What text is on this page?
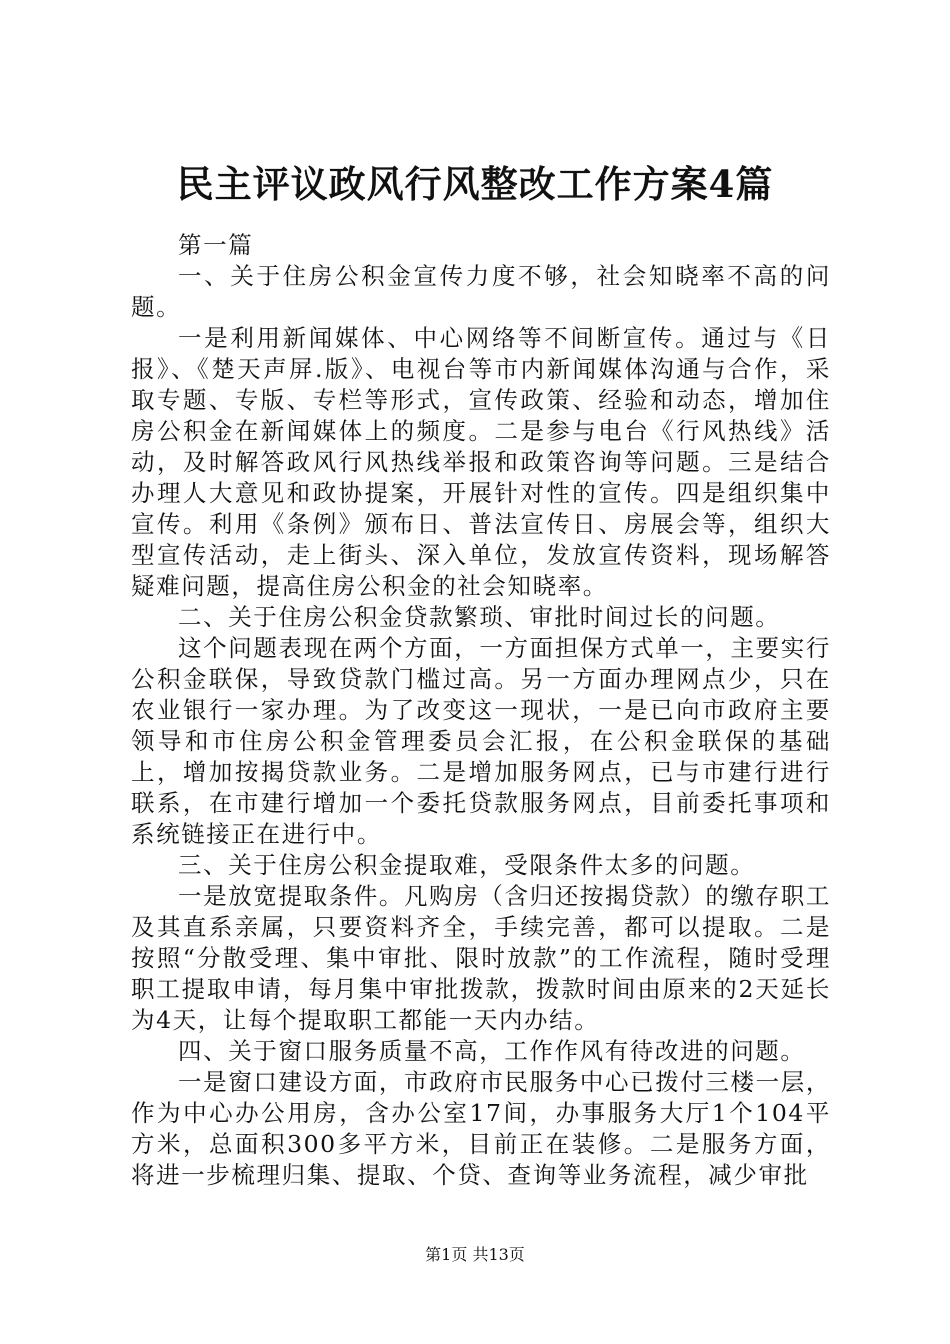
民主评议政风行风整改工作方案4篇

第一篇

一、关于住房公积金宣传力度不够，社会知晓率不高的问题。

一是利用新闻媒体、中心网络等不间断宣传。通过与《日报》、《楚天声屏.版》、电视台等市内新闻媒体沟通与合作，采取专题、专版、专栏等形式，宣传政策、经验和动态，增加住房公积金在新闻媒体上的频度。二是参与电台《行风热线》活动，及时解答政风行风热线举报和政策咨询等问题。三是结合办理人大意见和政协提案，开展针对性的宣传。四是组织集中宣传。利用《条例》颁布日、普法宣传日、房展会等，组织大型宣传活动，走上街头、深入单位，发放宣传资料，现场解答疑难问题，提高住房公积金的社会知晓率。

二、关于住房公积金贷款繁琐、审批时间过长的问题。

这个问题表现在两个方面，一方面担保方式单一，主要实行公积金联保，导致贷款门槛过高。另一方面办理网点少，只在农业银行一家办理。为了改变这一现状，一是已向市政府主要领导和市住房公积金管理委员会汇报，在公积金联保的基础上，增加按揭贷款业务。二是增加服务网点，已与市建行进行联系，在市建行增加一个委托贷款服务网点，目前委托事项和系统链接正在进行中。

三、关于住房公积金提取难，受限条件太多的问题。

一是放宽提取条件。凡购房（含归还按揭贷款）的缴存职工及其直系亲属，只要资料齐全，手续完善，都可以提取。二是按照“分散受理、集中审批、限时放款”的工作流程，随时受理职工提取申请，每月集中审批拨款，拨款时间由原来的2天延长为4天，让每个提取职工都能一天内办结。

四、关于窗口服务质量不高，工作作风有待改进的问题。

一是窗口建设方面，市政府市民服务中心已拨付三楼一层，作为中心办公用房，含办公室17间，办事服务大厅1个104平方米，总面积300多平方米，目前正在装修。二是服务方面，将进一步梳理归集、提取、个贷、查询等业务流程，减少审批

第1页 共13页
